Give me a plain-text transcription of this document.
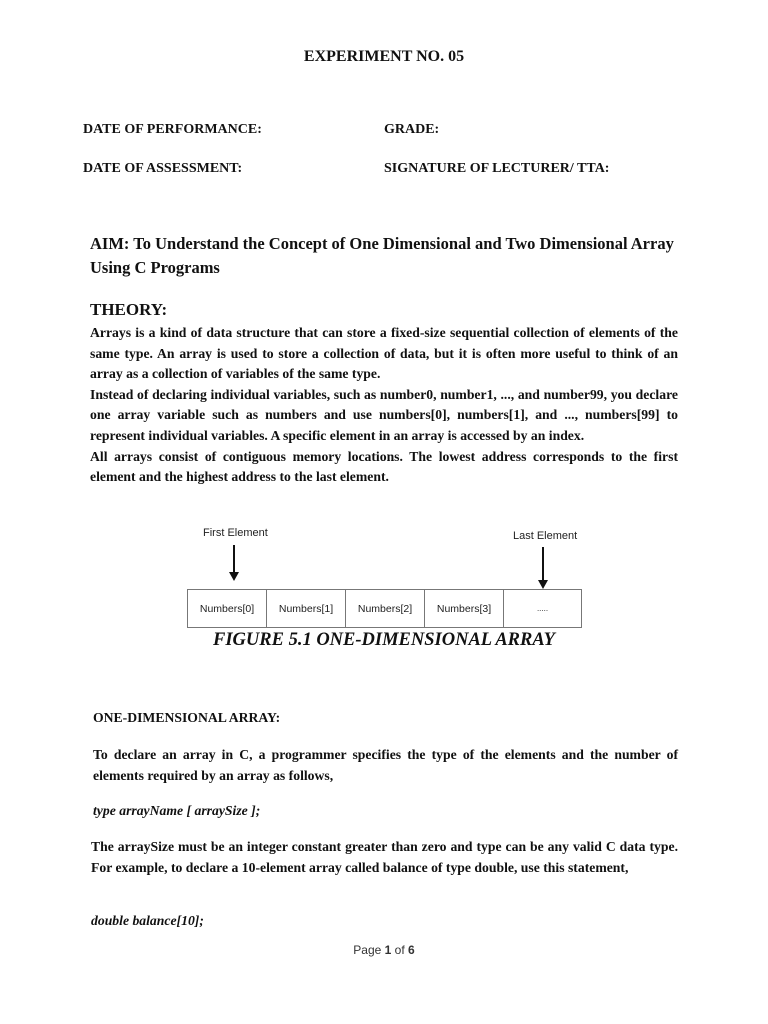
EXPERIMENT NO. 05
DATE OF PERFORMANCE:	GRADE:
DATE OF ASSESSMENT:	SIGNATURE OF LECTURER/ TTA:
AIM: To Understand the Concept of One Dimensional and Two Dimensional Array Using C Programs
THEORY:

Arrays is a kind of data structure that can store a fixed-size sequential collection of elements of the same type. An array is used to store a collection of data, but it is often more useful to think of an array as a collection of variables of the same type.

Instead of declaring individual variables, such as number0, number1, ..., and number99, you declare one array variable such as numbers and use numbers[0], numbers[1], and ..., numbers[99] to represent individual variables. A specific element in an array is accessed by an index.

All arrays consist of contiguous memory locations. The lowest address corresponds to the first element and the highest address to the last element.

First Element	Last Element
Numbers[0]	Numbers[1]	Numbers[2]	Numbers[3]	.....
FIGURE 5.1 ONE-DIMENSIONAL ARRAY
ONE-DIMENSIONAL ARRAY:
To declare an array in C, a programmer specifies the type of the elements and the number of elements required by an array as follows,
type arrayName [ arraySize ];
The arraySize must be an integer constant greater than zero and type can be any valid C data type. For example, to declare a 10-element array called balance of type double, use this statement,
double balance[10];
Page 1 of 6
